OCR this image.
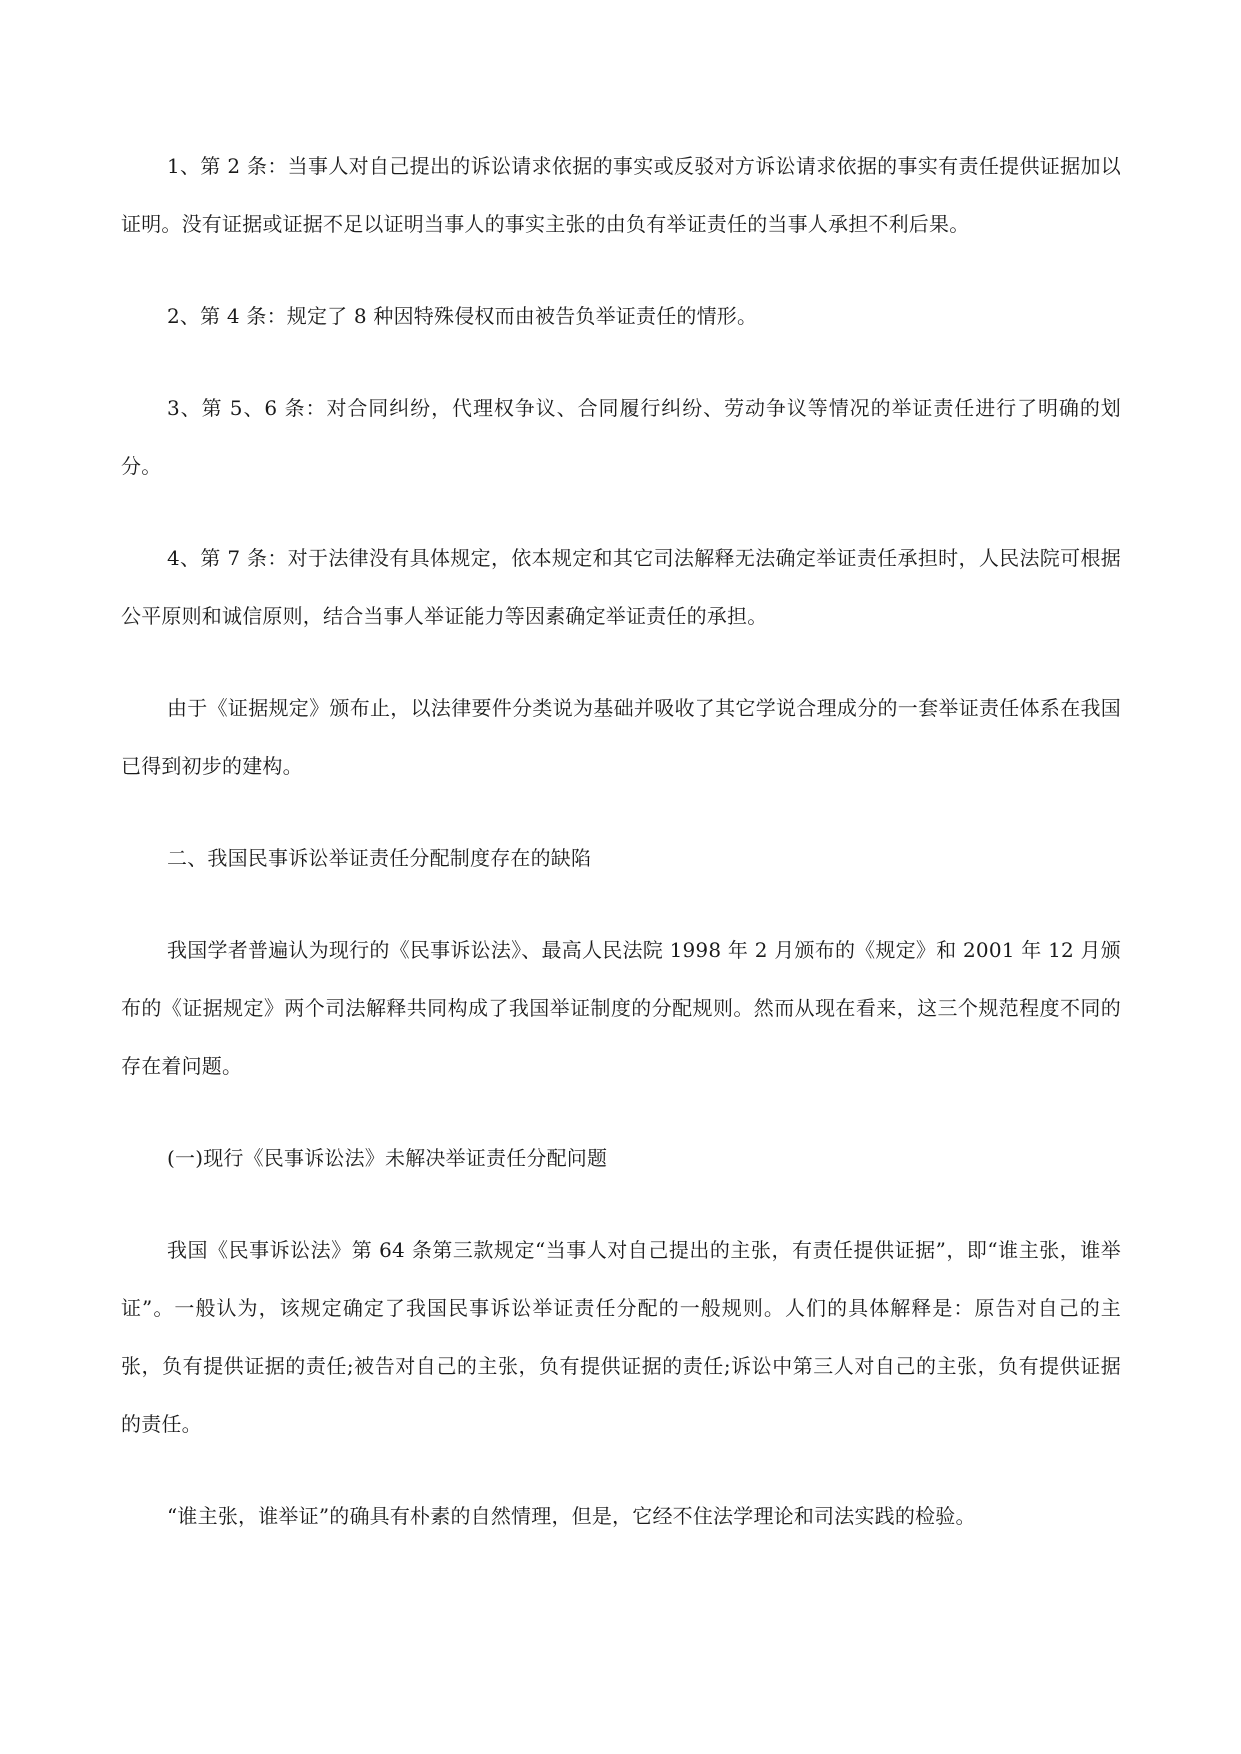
1、第 2 条：当事人对自己提出的诉讼请求依据的事实或反驳对方诉讼请求依据的事实有责任提供证据加以证明。没有证据或证据不足以证明当事人的事实主张的由负有举证责任的当事人承担不利后果。

2、第 4 条：规定了 8 种因特殊侵权而由被告负举证责任的情形。

3、第 5、6 条：对合同纠纷，代理权争议、合同履行纠纷、劳动争议等情况的举证责任进行了明确的划分。

4、第 7 条：对于法律没有具体规定，依本规定和其它司法解释无法确定举证责任承担时，人民法院可根据公平原则和诚信原则，结合当事人举证能力等因素确定举证责任的承担。

由于《证据规定》颁布止，以法律要件分类说为基础并吸收了其它学说合理成分的一套举证责任体系在我国已得到初步的建构。

二、我国民事诉讼举证责任分配制度存在的缺陷

我国学者普遍认为现行的《民事诉讼法》、最高人民法院 1998 年 2 月颁布的《规定》和 2001 年 12 月颁布的《证据规定》两个司法解释共同构成了我国举证制度的分配规则。然而从现在看来，这三个规范程度不同的存在着问题。

(一)现行《民事诉讼法》未解决举证责任分配问题

我国《民事诉讼法》第 64 条第三款规定“当事人对自己提出的主张，有责任提供证据”，即“谁主张，谁举证”。一般认为，该规定确定了我国民事诉讼举证责任分配的一般规则。人们的具体解释是：原告对自己的主张，负有提供证据的责任;被告对自己的主张，负有提供证据的责任;诉讼中第三人对自己的主张，负有提供证据的责任。

“谁主张，谁举证”的确具有朴素的自然情理，但是，它经不住法学理论和司法实践的检验。
